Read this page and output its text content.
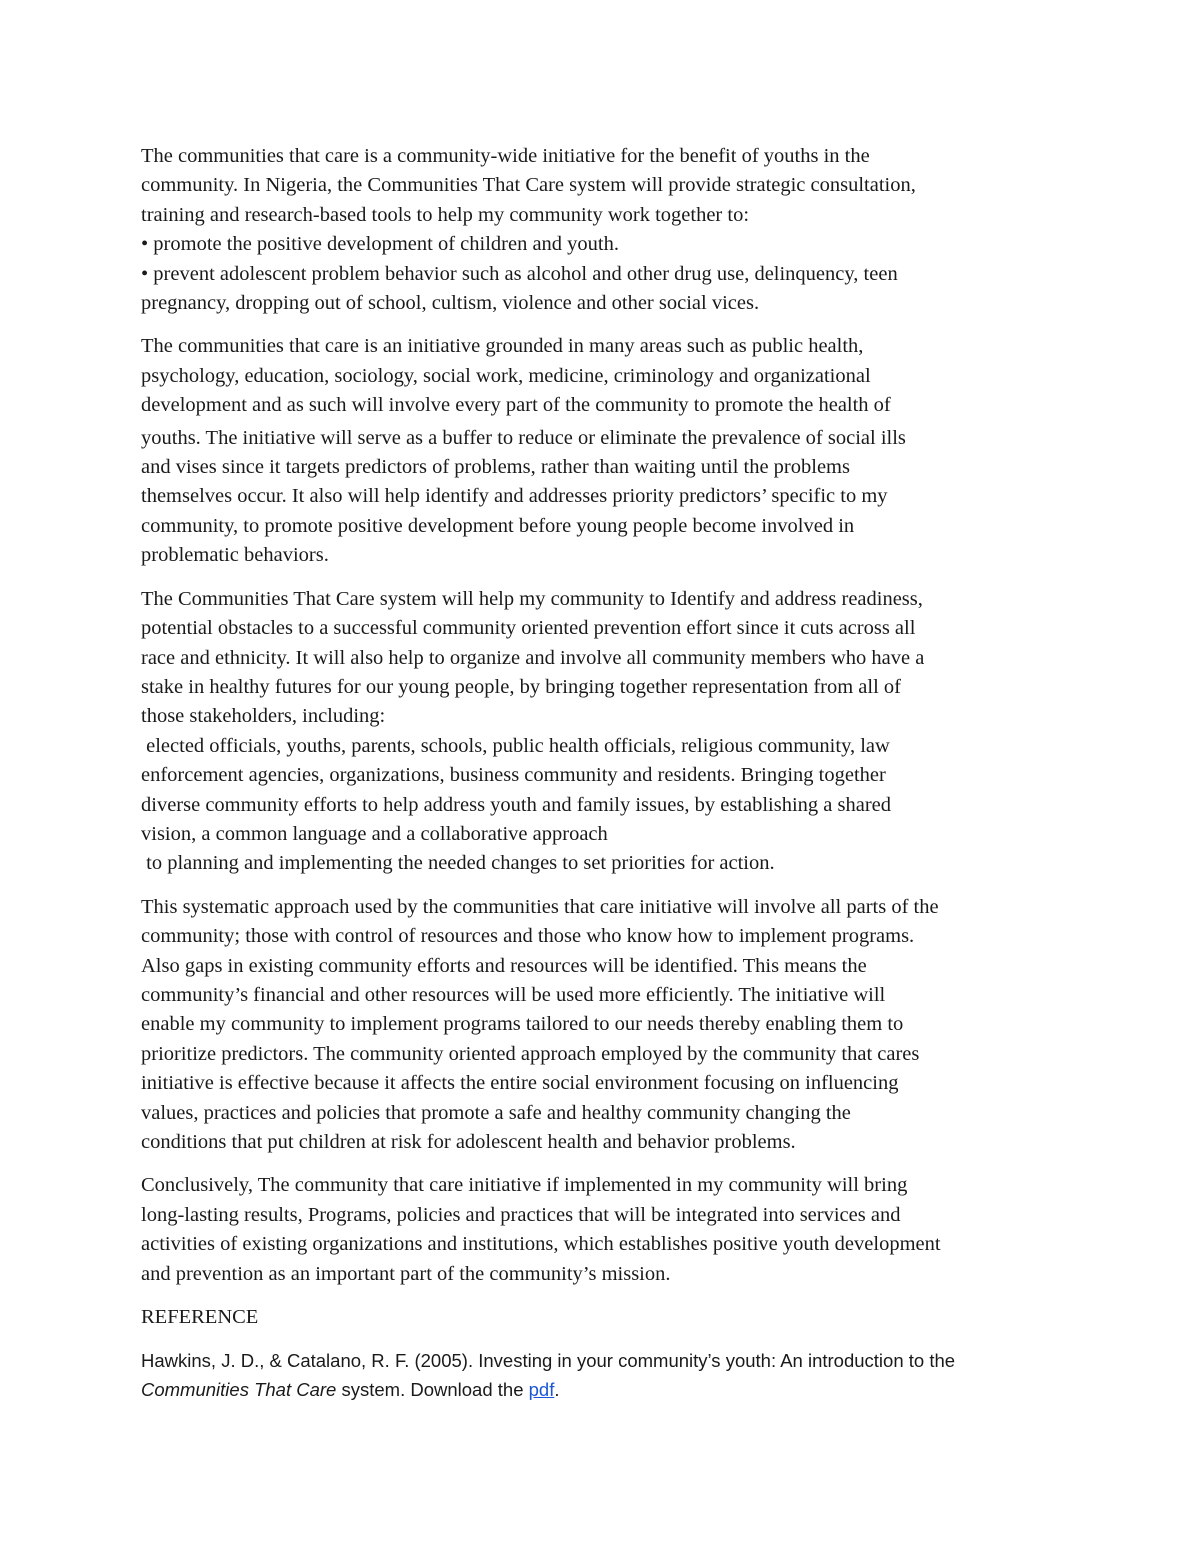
The communities that care is a community-wide initiative for the benefit of youths in the
community. In Nigeria, the Communities That Care system will provide strategic consultation,
training and research-based tools to help my community work together to:
• promote the positive development of children and youth.
• prevent adolescent problem behavior such as alcohol and other drug use, delinquency, teen
pregnancy, dropping out of school, cultism, violence and other social vices.
The communities that care is an initiative grounded in many areas such as public health,
psychology, education, sociology, social work, medicine, criminology and organizational
development and as such will involve every part of the community to promote the health of
youths. The initiative will serve as a buffer to reduce or eliminate the prevalence of social ills
and vises since it targets predictors of problems, rather than waiting until the problems
themselves occur. It also will help identify and addresses priority predictors’ specific to my
community, to promote positive development before young people become involved in
problematic behaviors.
The Communities That Care system will help my community to Identify and address readiness,
potential obstacles to a successful community oriented prevention effort since it cuts across all
race and ethnicity. It will also help to organize and involve all community members who have a
stake in healthy futures for our young people, by bringing together representation from all of
those stakeholders, including:
elected officials, youths, parents, schools, public health officials, religious community, law
enforcement agencies, organizations, business community and residents. Bringing together
diverse community efforts to help address youth and family issues, by establishing a shared
vision, a common language and a collaborative approach
to planning and implementing the needed changes to set priorities for action.
This systematic approach used by the communities that care initiative will involve all parts of the
community; those with control of resources and those who know how to implement programs.
Also gaps in existing community efforts and resources will be identified. This means the
community’s financial and other resources will be used more efficiently. The initiative will
enable my community to implement programs tailored to our needs thereby enabling them to
prioritize predictors. The community oriented approach employed by the community that cares
initiative is effective because it affects the entire social environment focusing on influencing
values, practices and policies that promote a safe and healthy community changing the
conditions that put children at risk for adolescent health and behavior problems.
Conclusively, The community that care initiative if implemented in my community will bring
long-lasting results, Programs, policies and practices that will be integrated into services and
activities of existing organizations and institutions, which establishes positive youth development
and prevention as an important part of the community’s mission.
REFERENCE
Hawkins, J. D., & Catalano, R. F. (2005). Investing in your community’s youth: An introduction to the
Communities That Care system. Download the pdf.
